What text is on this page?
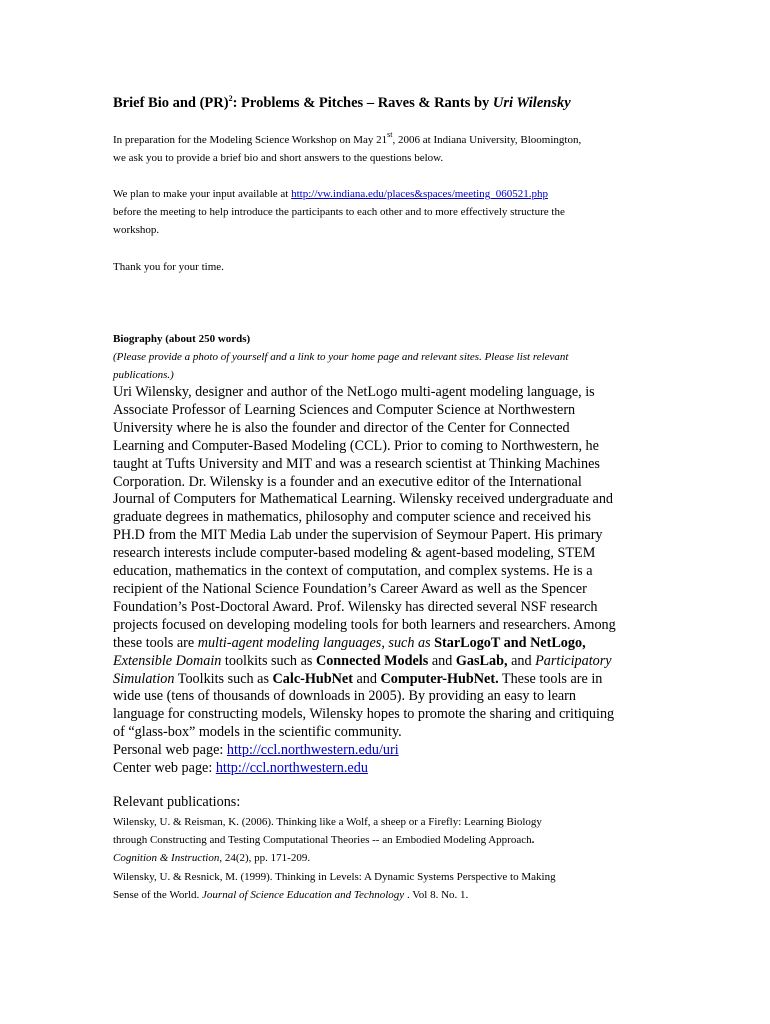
Brief Bio and (PR)$^2$: Problems & Pitches – Raves & Rants by Uri Wilensky
In preparation for the Modeling Science Workshop on May 21st, 2006 at Indiana University, Bloomington,
we ask you to provide a brief bio and short answers to the questions below.
We plan to make your input available at http://vw.indiana.edu/places&spaces/meeting_060521.php
before the meeting to help introduce the participants to each other and to more effectively structure the
workshop.
Thank you for your time.
Biography (about 250 words)
(Please provide a photo of yourself and a link to your home page and relevant sites. Please list relevant
publications.)
Uri Wilensky, designer and author of the NetLogo multi-agent modeling language, is
Associate Professor of Learning Sciences and Computer Science at Northwestern
University where he is also the founder and director of the Center for Connected
Learning and Computer-Based Modeling (CCL). Prior to coming to Northwestern, he
taught at Tufts University and MIT and was a research scientist at Thinking Machines
Corporation. Dr. Wilensky is a founder and an executive editor of the International
Journal of Computers for Mathematical Learning. Wilensky received undergraduate and
graduate degrees in mathematics, philosophy and computer science and received his
PH.D from the MIT Media Lab under the supervision of Seymour Papert. His primary
research interests include computer-based modeling & agent-based modeling, STEM
education, mathematics in the context of computation, and complex systems. He is a
recipient of the National Science Foundation’s Career Award as well as the Spencer
Foundation’s Post-Doctoral Award. Prof. Wilensky has directed several NSF research
projects focused on developing modeling tools for both learners and researchers. Among
these tools are multi-agent modeling languages, such as StarLogoT and NetLogo,
Extensible Domain toolkits such as Connected Models and GasLab, and Participatory
Simulation Toolkits such as Calc-HubNet and Computer-HubNet. These tools are in
wide use (tens of thousands of downloads in 2005). By providing an easy to learn
language for constructing models, Wilensky hopes to promote the sharing and critiquing
of “glass-box” models in the scientific community.
Personal web page: http://ccl.northwestern.edu/uri
Center web page: http://ccl.northwestern.edu
Relevant publications:
Wilensky, U. & Reisman, K. (2006). Thinking like a Wolf, a sheep or a Firefly: Learning Biology
through Constructing and Testing Computational Theories -- an Embodied Modeling Approach.
Cognition & Instruction, 24(2), pp. 171-209.
Wilensky, U. & Resnick, M. (1999). Thinking in Levels: A Dynamic Systems Perspective to Making
Sense of the World. Journal of Science Education and Technology . Vol 8. No. 1.
